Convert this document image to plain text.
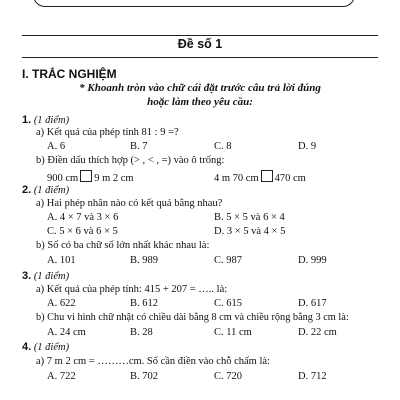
Đề số 1
I. TRẮC NGHIỆM
* Khoanh tròn vào chữ cái đặt trước câu trả lời đúng
hoặc làm theo yêu cầu:
1. (1 điểm)
a) Kết quả của phép tính 81 : 9 =?
A. 6	B. 7	C. 8	D. 9
b) Điền dấu thích hợp (> , < , =) vào ô trống:
900 cm 9 m 2 cm	4 m 70 cm 470 cm
2. (1 điểm)
a) Hai phép nhân nào có kết quả bằng nhau?
A. 4 × 7 và 3 × 6	B. 5 × 5 và 6 × 4
C. 5 × 6 và 6 × 5	D. 3 × 5 và 4 × 5
b) Số có ba chữ số lớn nhất khác nhau là:
A. 101	B. 989	C. 987	D. 999
3. (1 điểm)
a) Kết quả của phép tính: 415 + 207 = ….. là:
A. 622	B. 612	C. 615	D. 617
b) Chu vi hình chữ nhật có chiều dài bằng 8 cm và chiều rộng bằng 3 cm là:
A. 24 cm	B. 28	C. 11 cm	D. 22 cm
4. (1 điểm)
a) 7 m 2 cm = ………cm. Số cần điền vào chỗ chấm là:
A. 722	B. 702	C. 720	D. 712
